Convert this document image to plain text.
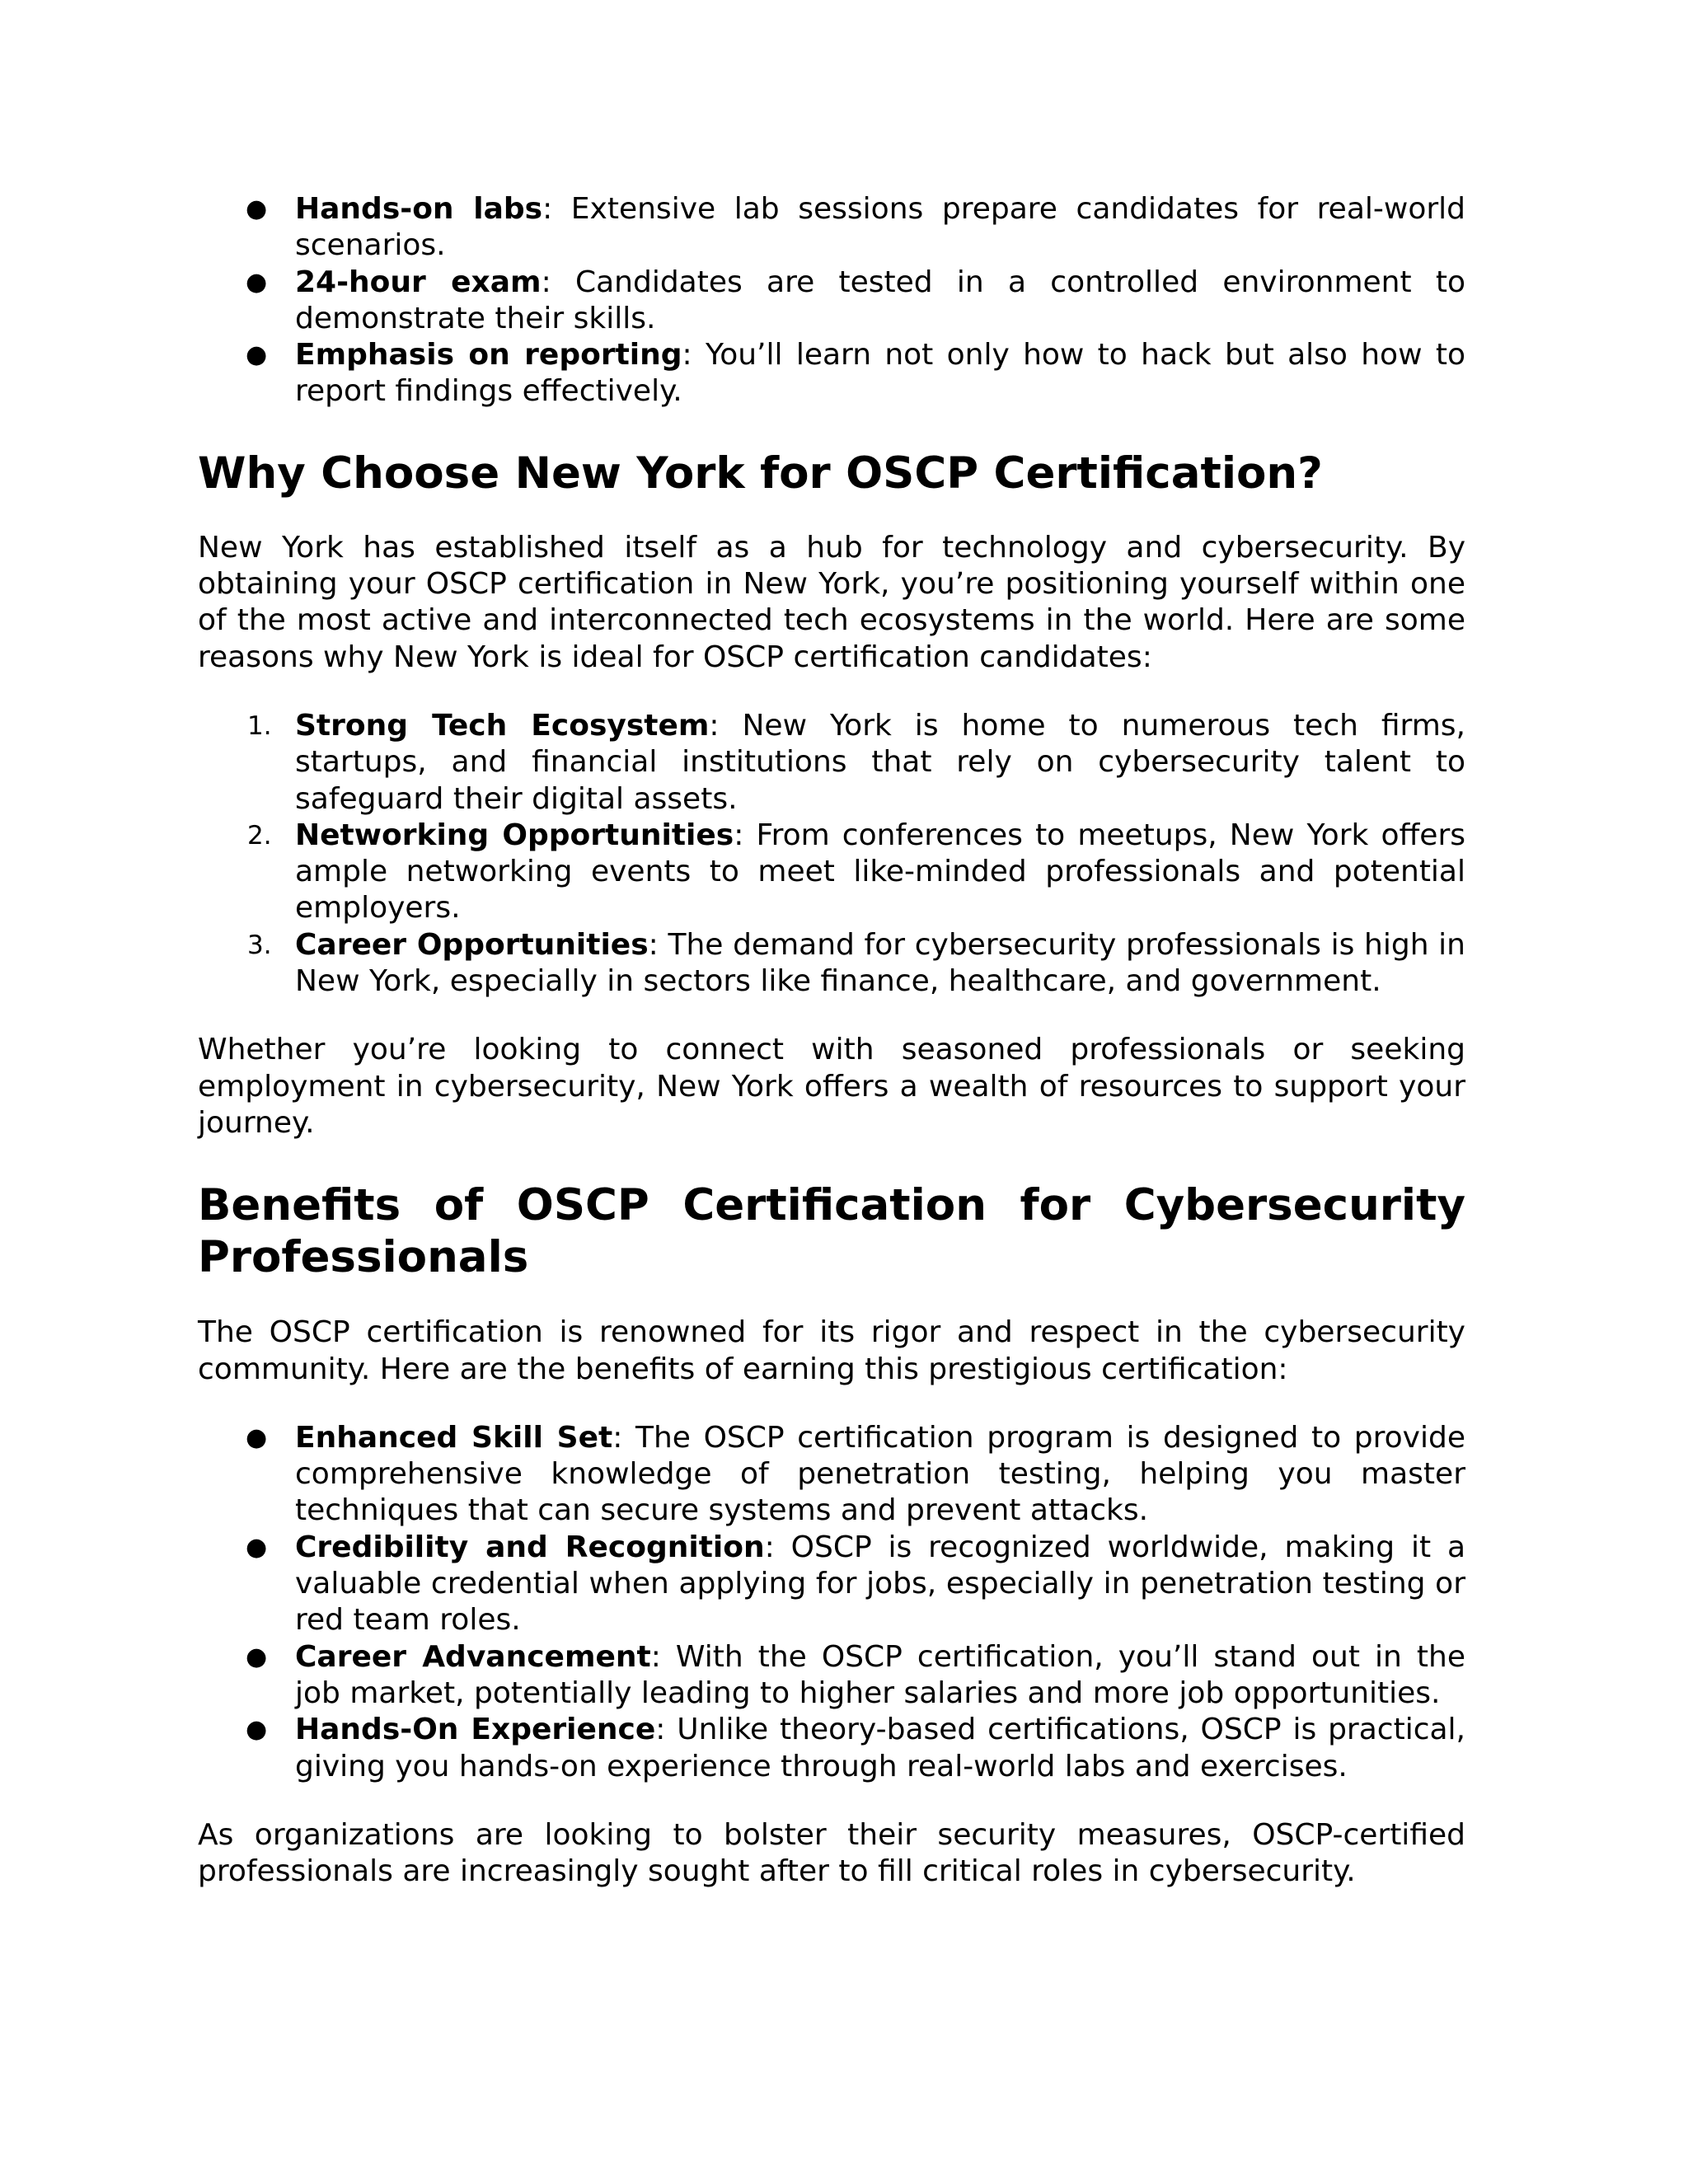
● Hands-on labs: Extensive lab sessions prepare candidates for real-world scenarios.
● 24-hour exam: Candidates are tested in a controlled environment to demonstrate their skills.
● Emphasis on reporting: You’ll learn not only how to hack but also how to report findings effectively.
Why Choose New York for OSCP Certification?

New York has established itself as a hub for technology and cybersecurity. By obtaining your OSCP certification in New York, you’re positioning yourself within one of the most active and interconnected tech ecosystems in the world. Here are some reasons why New York is ideal for OSCP certification candidates:

1. Strong Tech Ecosystem: New York is home to numerous tech firms, startups, and financial institutions that rely on cybersecurity talent to safeguard their digital assets.
2. Networking Opportunities: From conferences to meetups, New York offers ample networking events to meet like-minded professionals and potential employers.
3. Career Opportunities: The demand for cybersecurity professionals is high in New York, especially in sectors like finance, healthcare, and government.

Whether you’re looking to connect with seasoned professionals or seeking employment in cybersecurity, New York offers a wealth of resources to support your journey.

Benefits of OSCP Certification for Cybersecurity Professionals

The OSCP certification is renowned for its rigor and respect in the cybersecurity community. Here are the benefits of earning this prestigious certification:

● Enhanced Skill Set: The OSCP certification program is designed to provide comprehensive knowledge of penetration testing, helping you master techniques that can secure systems and prevent attacks.
● Credibility and Recognition: OSCP is recognized worldwide, making it a valuable credential when applying for jobs, especially in penetration testing or red team roles.
● Career Advancement: With the OSCP certification, you’ll stand out in the job market, potentially leading to higher salaries and more job opportunities.
● Hands-On Experience: Unlike theory-based certifications, OSCP is practical, giving you hands-on experience through real-world labs and exercises.

As organizations are looking to bolster their security measures, OSCP-certified professionals are increasingly sought after to fill critical roles in cybersecurity.
